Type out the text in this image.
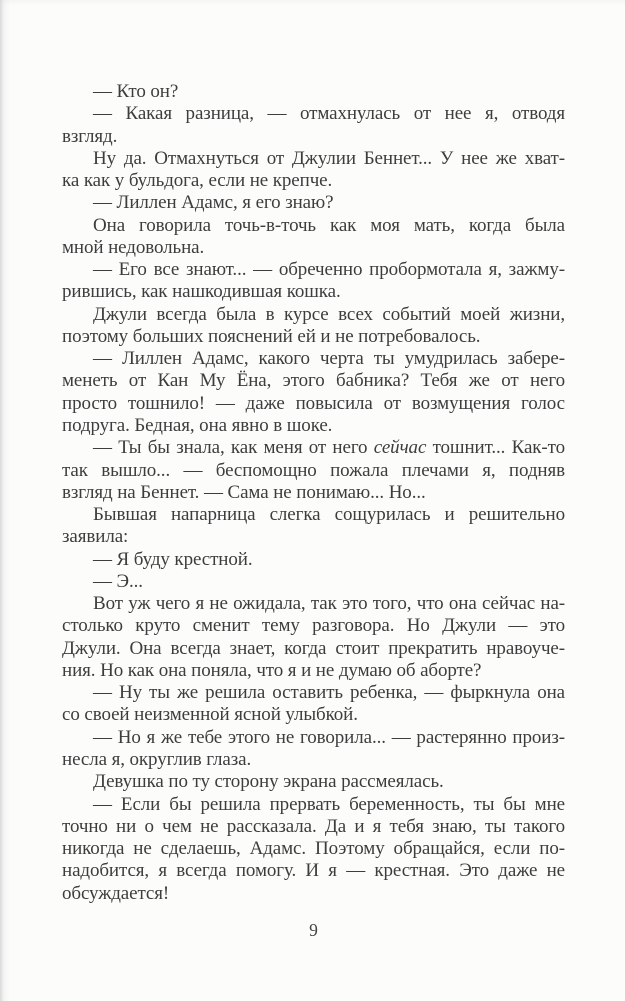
— Кто он?
— Какая разница, — отмахнулась от нее я, отводя
взгляд.
Ну да. Отмахнуться от Джулии Беннет... У нее же хват-
ка как у бульдога, если не крепче.
— Лиллен Адамс, я его знаю?
Она говорила точь-в-точь как моя мать, когда была
мной недовольна.
— Его все знают... — обреченно пробормотала я, зажму-
рившись, как нашкодившая кошка.
Джули всегда была в курсе всех событий моей жизни,
поэтому больших пояснений ей и не потребовалось.
— Лиллен Адамс, какого черта ты умудрилась забере-
менеть от Кан Му Ёна, этого бабника? Тебя же от него
просто тошнило! — даже повысила от возмущения голос
подруга. Бедная, она явно в шоке.
— Ты бы знала, как меня от него сейчас тошнит... Как-то
так вышло... — беспомощно пожала плечами я, подняв
взгляд на Беннет. — Сама не понимаю... Но...
Бывшая напарница слегка сощурилась и решительно
заявила:
— Я буду крестной.
— Э...
Вот уж чего я не ожидала, так это того, что она сейчас на-
столько круто сменит тему разговора. Но Джули — это
Джули. Она всегда знает, когда стоит прекратить нравоуче-
ния. Но как она поняла, что я и не думаю об аборте?
— Ну ты же решила оставить ребенка, — фыркнула она
со своей неизменной ясной улыбкой.
— Но я же тебе этого не говорила... — растерянно произ-
несла я, округлив глаза.
Девушка по ту сторону экрана рассмеялась.
— Если бы решила прервать беременность, ты бы мне
точно ни о чем не рассказала. Да и я тебя знаю, ты такого
никогда не сделаешь, Адамс. Поэтому обращайся, если по-
надобится, я всегда помогу. И я — крестная. Это даже не
обсуждается!
9
